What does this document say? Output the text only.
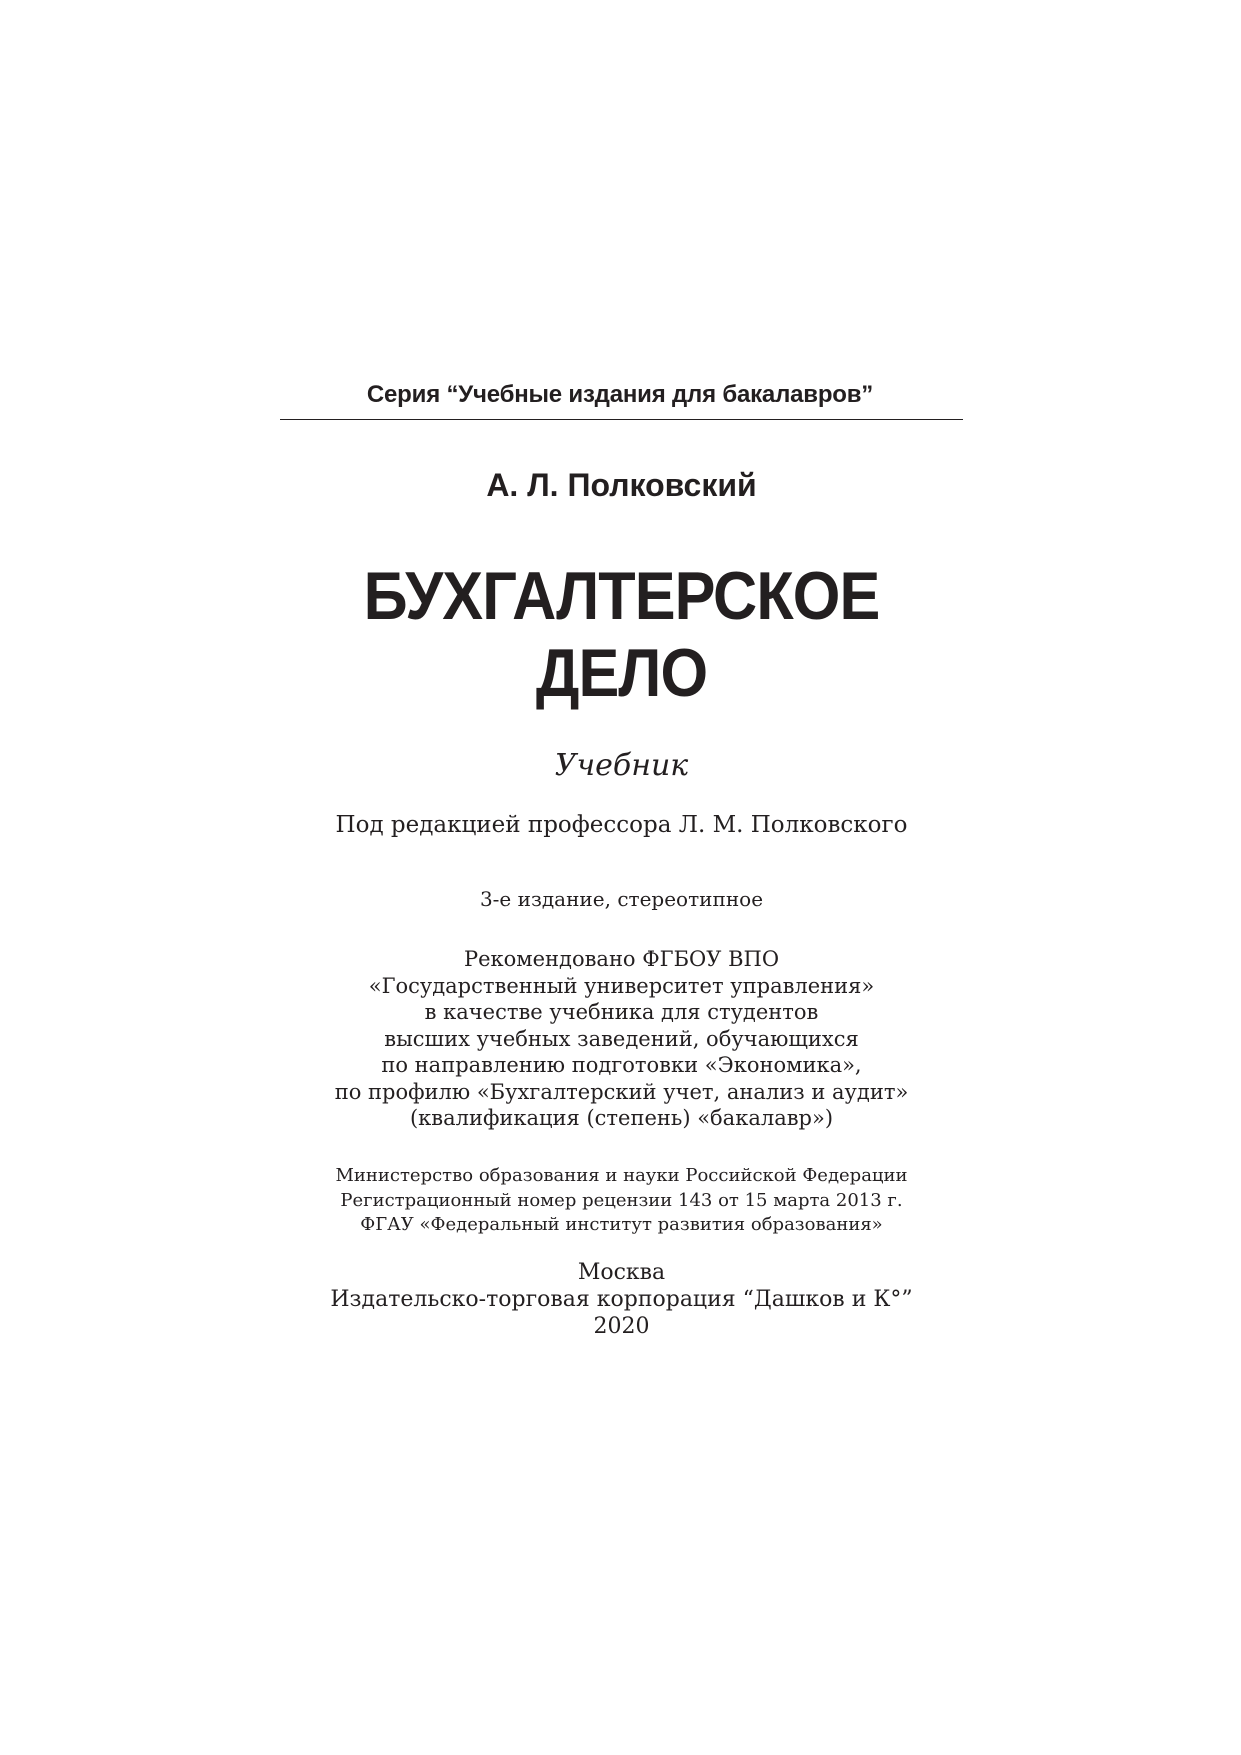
Серия “Учебные издания для бакалавров”
А. Л. Полковский
БУХГАЛТЕРСКОЕ
ДЕЛО
Учебник
Под редакцией профессора Л. М. Полковского
3-е издание, стереотипное
Рекомендовано ФГБОУ ВПО
«Государственный университет управления»
в качестве учебника для студентов
высших учебных заведений, обучающихся
по направлению подготовки «Экономика»,
по профилю «Бухгалтерский учет, анализ и аудит»
(квалификация (степень) «бакалавр»)
Министерство образования и науки Российской Федерации
Регистрационный номер рецензии 143 от 15 марта 2013 г.
ФГАУ «Федеральный институт развития образования»
Москва
Издательско-торговая корпорация “Дашков и К°”
2020
